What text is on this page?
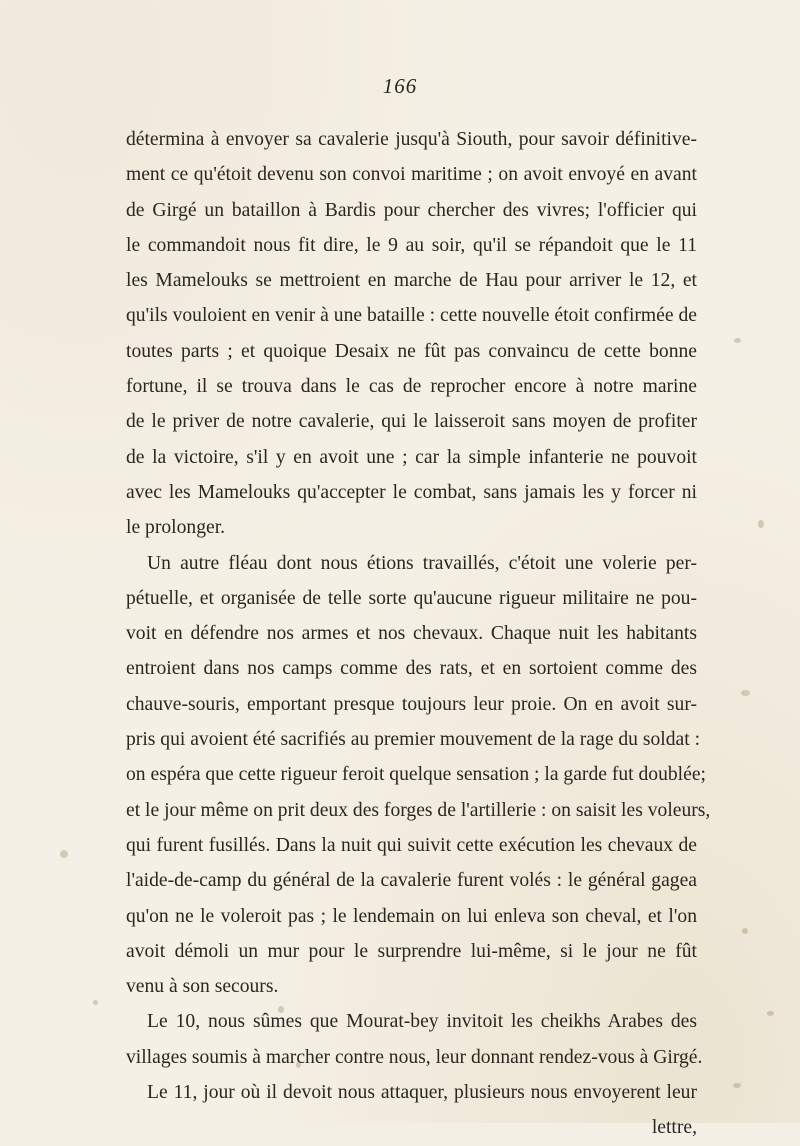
166
détermina à envoyer sa cavalerie jusqu'à Siouth, pour savoir définitive-
ment ce qu'étoit devenu son convoi maritime ; on avoit envoyé en avant
de Girgé un bataillon à Bardis pour chercher des vivres; l'officier qui
le commandoit nous fit dire, le 9 au soir, qu'il se répandoit que le 11
les Mamelouks se mettroient en marche de Hau pour arriver le 12, et
qu'ils vouloient en venir à une bataille : cette nouvelle étoit confirmée de
toutes parts ; et quoique Desaix ne fût pas convaincu de cette bonne
fortune, il se trouva dans le cas de reprocher encore à notre marine
de le priver de notre cavalerie, qui le laisseroit sans moyen de profiter
de la victoire, s'il y en avoit une ; car la simple infanterie ne pouvoit
avec les Mamelouks qu'accepter le combat, sans jamais les y forcer ni
le prolonger.
Un autre fléau dont nous étions travaillés, c'étoit une volerie per-
pétuelle, et organisée de telle sorte qu'aucune rigueur militaire ne pou-
voit en défendre nos armes et nos chevaux. Chaque nuit les habitants
entroient dans nos camps comme des rats, et en sortoient comme des
chauve-souris, emportant presque toujours leur proie. On en avoit sur-
pris qui avoient été sacrifiés au premier mouvement de la rage du soldat :
on espéra que cette rigueur feroit quelque sensation ; la garde fut doublée;
et le jour même on prit deux des forges de l'artillerie : on saisit les voleurs,
qui furent fusillés. Dans la nuit qui suivit cette exécution les chevaux de
l'aide-de-camp du général de la cavalerie furent volés : le général gagea
qu'on ne le voleroit pas ; le lendemain on lui enleva son cheval, et l'on
avoit démoli un mur pour le surprendre lui-même, si le jour ne fût
venu à son secours.
Le 10, nous sûmes que Mourat-bey invitoit les cheikhs Arabes des
villages soumis à marcher contre nous, leur donnant rendez-vous à Girgé.
Le 11, jour où il devoit nous attaquer, plusieurs nous envoyerent leur
lettre,
